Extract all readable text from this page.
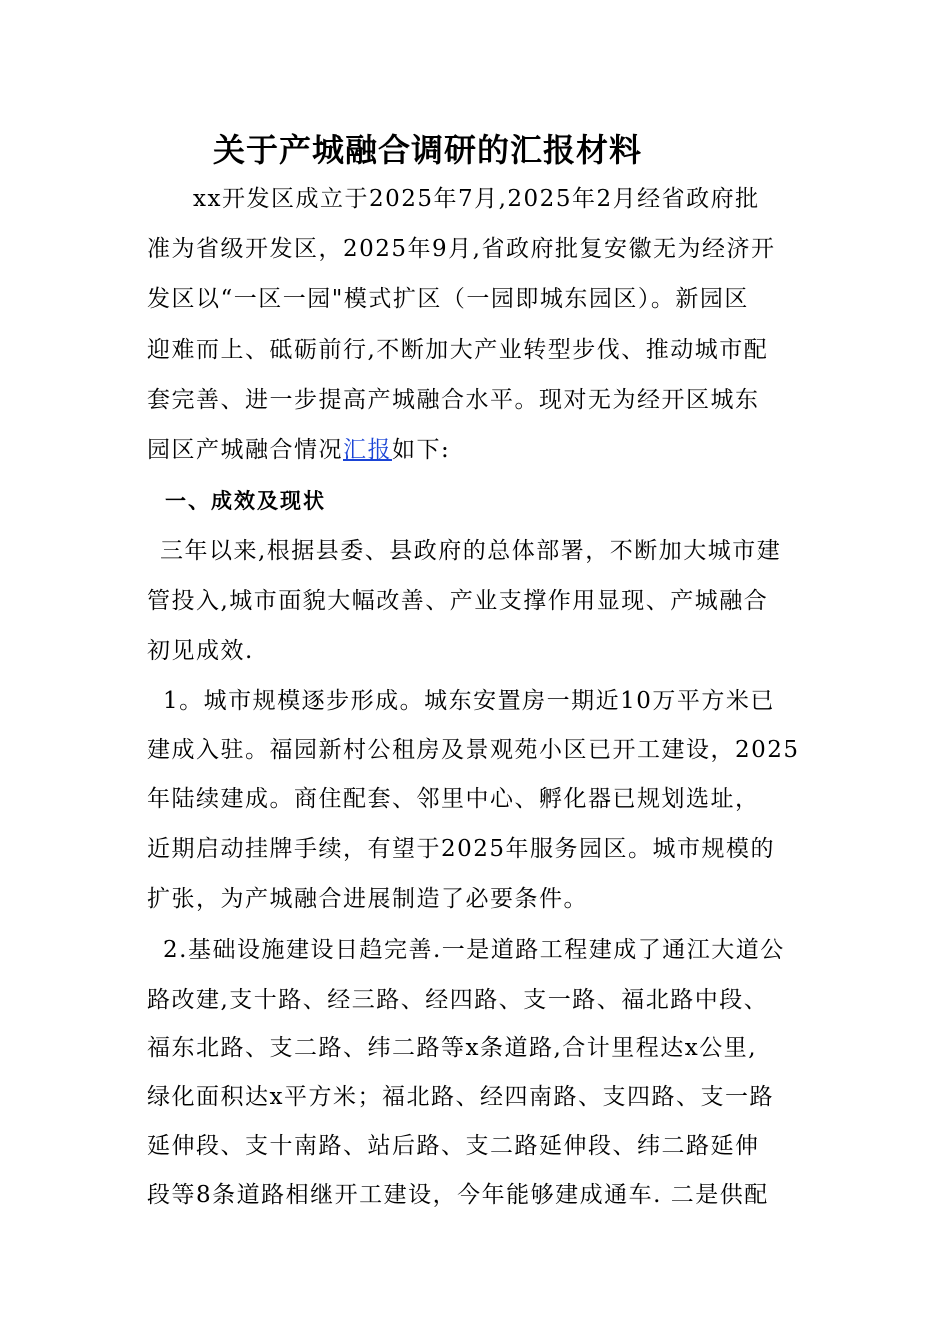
关于产城融合调研的汇报材料
xx开发区成立于2025年7月,2025年2月经省政府批
准为省级开发区，2025年9月,省政府批复安徽无为经济开
发区以“一区一园"模式扩区（一园即城东园区）。新园区
迎难而上、砥砺前行,不断加大产业转型步伐、推动城市配
套完善、进一步提高产城融合水平。现对无为经开区城东
园区产城融合情况汇报如下:
一、成效及现状
三年以来,根据县委、县政府的总体部署，不断加大城市建
管投入,城市面貌大幅改善、产业支撑作用显现、产城融合
初见成效.
1。城市规模逐步形成。城东安置房一期近10万平方米已
建成入驻。福园新村公租房及景观苑小区已开工建设，2025
年陆续建成。商住配套、邻里中心、孵化器已规划选址，
近期启动挂牌手续，有望于2025年服务园区。城市规模的
扩张，为产城融合进展制造了必要条件。
2.基础设施建设日趋完善.一是道路工程建成了通江大道公
路改建,支十路、经三路、经四路、支一路、福北路中段、
福东北路、支二路、纬二路等x条道路,合计里程达x公里,
绿化面积达x平方米；福北路、经四南路、支四路、支一路
延伸段、支十南路、站后路、支二路延伸段、纬二路延伸
段等8条道路相继开工建设，今年能够建成通车. 二是供配
